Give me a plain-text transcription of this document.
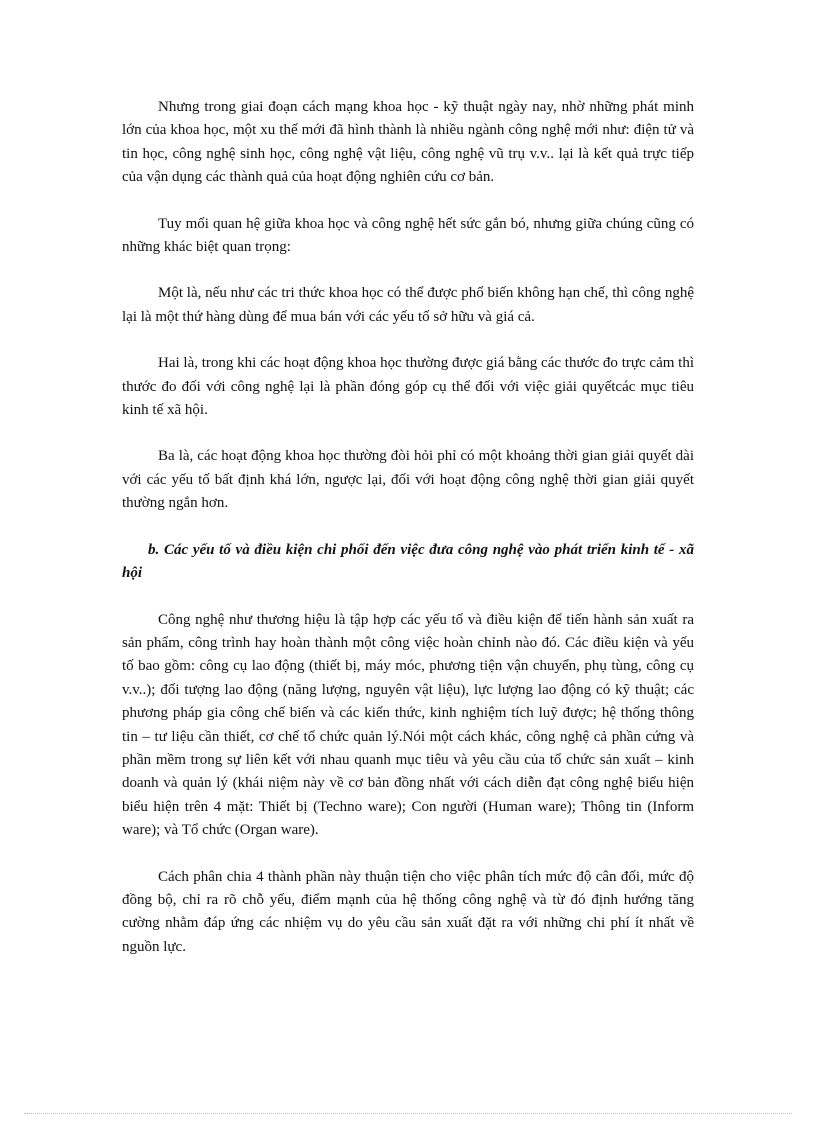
Nhưng trong giai đoạn cách mạng khoa học - kỹ thuật ngày nay, nhờ những phát minh lớn của khoa học, một xu thế mới đã hình thành là nhiều ngành công nghệ mới như: điện tử và tin học, công nghệ sinh học, công nghệ vật liệu, công nghệ vũ trụ v.v.. lại là kết quả trực tiếp của vận dụng các thành quả của hoạt động nghiên cứu cơ bản.

Tuy mối quan hệ giữa khoa học và công nghệ hết sức gắn bó, nhưng giữa chúng cũng có những khác biệt quan trọng:

Một là, nếu như các tri thức khoa học có thể được phổ biến không hạn chế, thì công nghệ lại là một thứ hàng dùng để mua bán với các yếu tố sở hữu và giá cả.

Hai là, trong khi các hoạt động khoa học thường được giá bằng các thước đo trực cảm thì thước đo đối với công nghệ lại là phần đóng góp cụ thể đối với việc giải quyếtcác mục tiêu kinh tế xã hội.

Ba là, các hoạt động khoa học thường đòi hỏi phỉ có một khoảng thời gian giải quyết dài với các yếu tố bất định khá lớn, ngược lại, đối với hoạt động công nghệ thời gian giải quyết thường ngắn hơn.

b. Các yếu tố và điều kiện chi phối đến việc đưa công nghệ vào phát triển kinh tế - xã hội

Công nghệ như thương hiệu là tập hợp các yếu tố và điều kiện để tiến hành sản xuất ra sản phẩm, công trình hay hoàn thành một công việc hoàn chỉnh nào đó. Các điều kiện và yếu tố bao gồm: công cụ lao động (thiết bị, máy móc, phương tiện vận chuyển, phụ tùng, công cụ v.v..); đối tượng lao động (năng lượng, nguyên vật liệu), lực lượng lao động có kỹ thuật; các phương pháp gia công chế biến và các kiến thức, kinh nghiệm tích luỹ được; hệ thống thông tin – tư liệu cần thiết, cơ chế tổ chức quản lý.Nói một cách khác, công nghệ cả phần cứng và phần mềm trong sự liên kết với nhau quanh mục tiêu và yêu cầu của tổ chức sản xuất – kinh doanh và quản lý (khái niệm này về cơ bản đồng nhất với cách diễn đạt công nghệ biểu hiện biểu hiện trên 4 mặt: Thiết bị (Techno ware); Con người (Human ware); Thông tin (Inform ware); và Tổ chức (Organ ware).

Cách phân chia 4 thành phần này thuận tiện cho việc phân tích mức độ cân đối, mức độ đồng bộ, chỉ ra rõ chỗ yếu, điểm mạnh của hệ thống công nghệ và từ đó định hướng tăng cường nhằm đáp ứng các nhiệm vụ do yêu cầu sản xuất đặt ra với những chi phí ít nhất về nguồn lực.
